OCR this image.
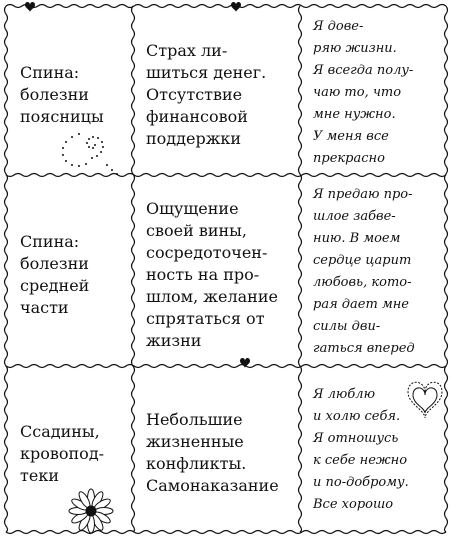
Спина:
болезни
поясницы
Страх ли-
шиться денег.
Отсутствие
финансовой
поддержки
Я дове-
ряю жизни.
Я всегда полу-
чаю то, что
мне нужно.
У меня все
прекрасно
Спина:
болезни
средней
части
Ощущение
своей вины,
сосредоточен-
ность на про-
шлом, желание
спрятаться от
жизни
Я предаю про-
шлое забве-
нию. В моем
сердце царит
любовь, кото-
рая дает мне
силы дви-
гаться вперед
Ссадины,
кровопод-
теки
Небольшие
жизненные
конфликты.
Самонаказание
Я люблю
и холю себя.
Я отношусь
к себе нежно
и по-доброму.
Все хорошо
